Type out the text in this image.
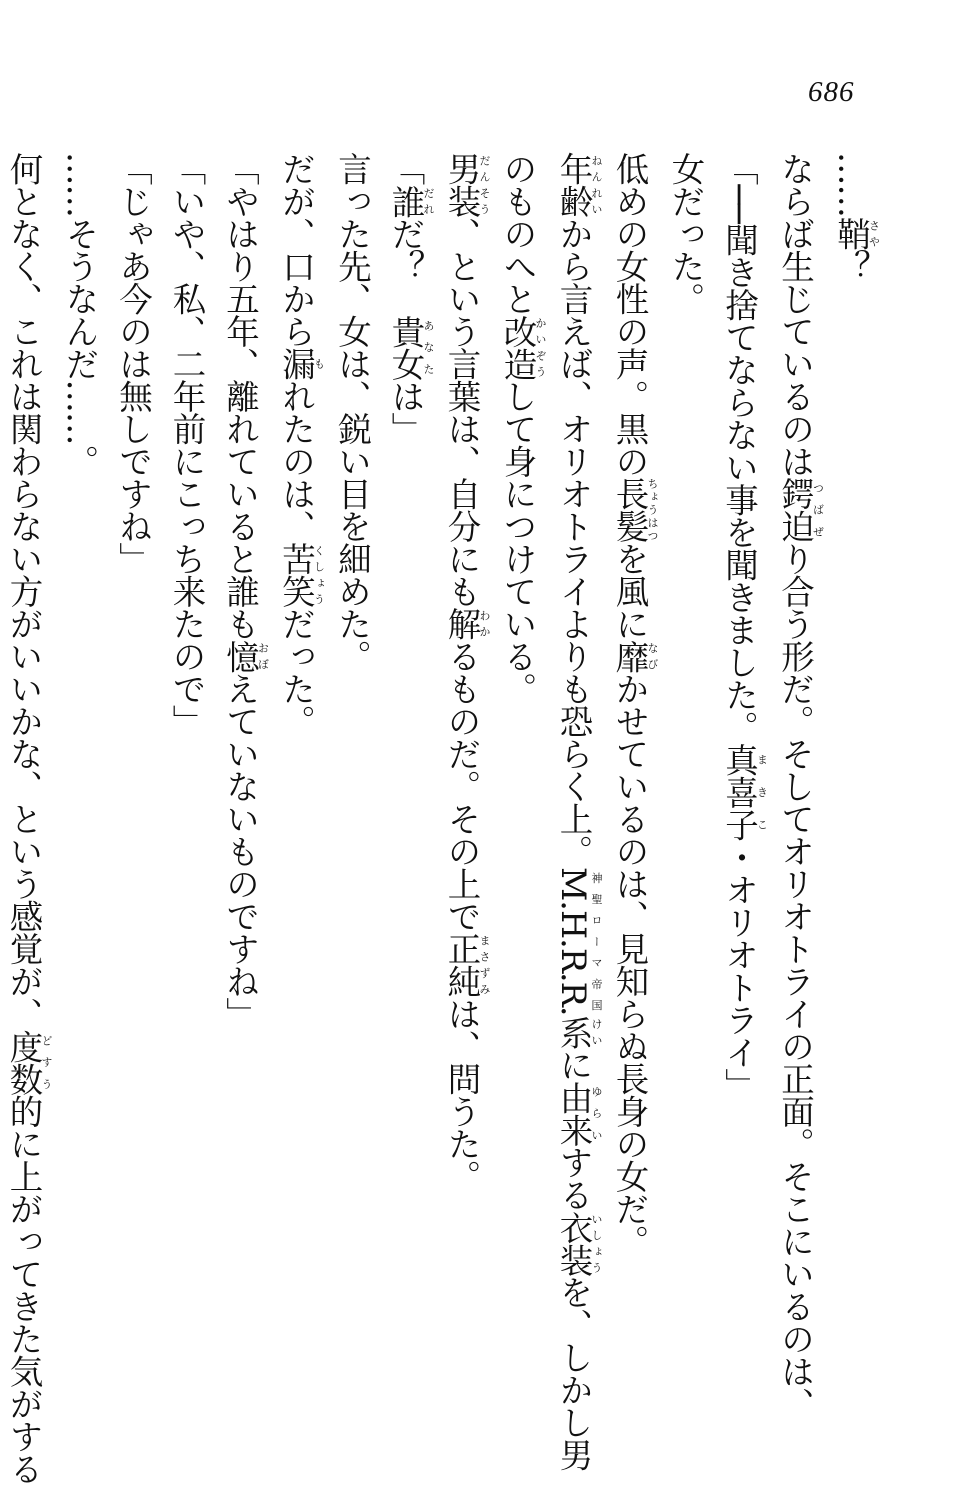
686
……鞘さや？
ならば生じているのは鍔迫つばぜり合う形だ。そしてオリオトライの正面。そこにいるのは、
「──聞き捨てならない事を聞きました。真喜子まきこ・オリオトライ」
女だった。
低めの女性の声。黒の長髪ちょうはつを風に靡なびかせているのは、見知らぬ長身の女だ。
年齢ねんれいから言えば、オリオトライよりも恐らく上。M.H.R.R.神聖ローマ帝国系けいに由来ゆらいする衣装いしょうを、しかし男
のものへと改造かいぞうして身につけている。
男装だんそう、という言葉は、自分にも解わかるものだ。その上で正純まさずみは、問うた。
「誰だれだ？　貴女あなたは」
言った先、女は、鋭い目を細めた。
だが、口から漏もれたのは、苦笑くしょうだった。
「やはり五年、離れていると誰も憶おぼえていないものですね」
「いや、私、二年前にこっち来たので」
「じゃあ今のは無しですね」
……そうなんだ……。
何となく、これは関わらない方がいいかな、という感覚が、度数どすう的に上がってきた気がする
